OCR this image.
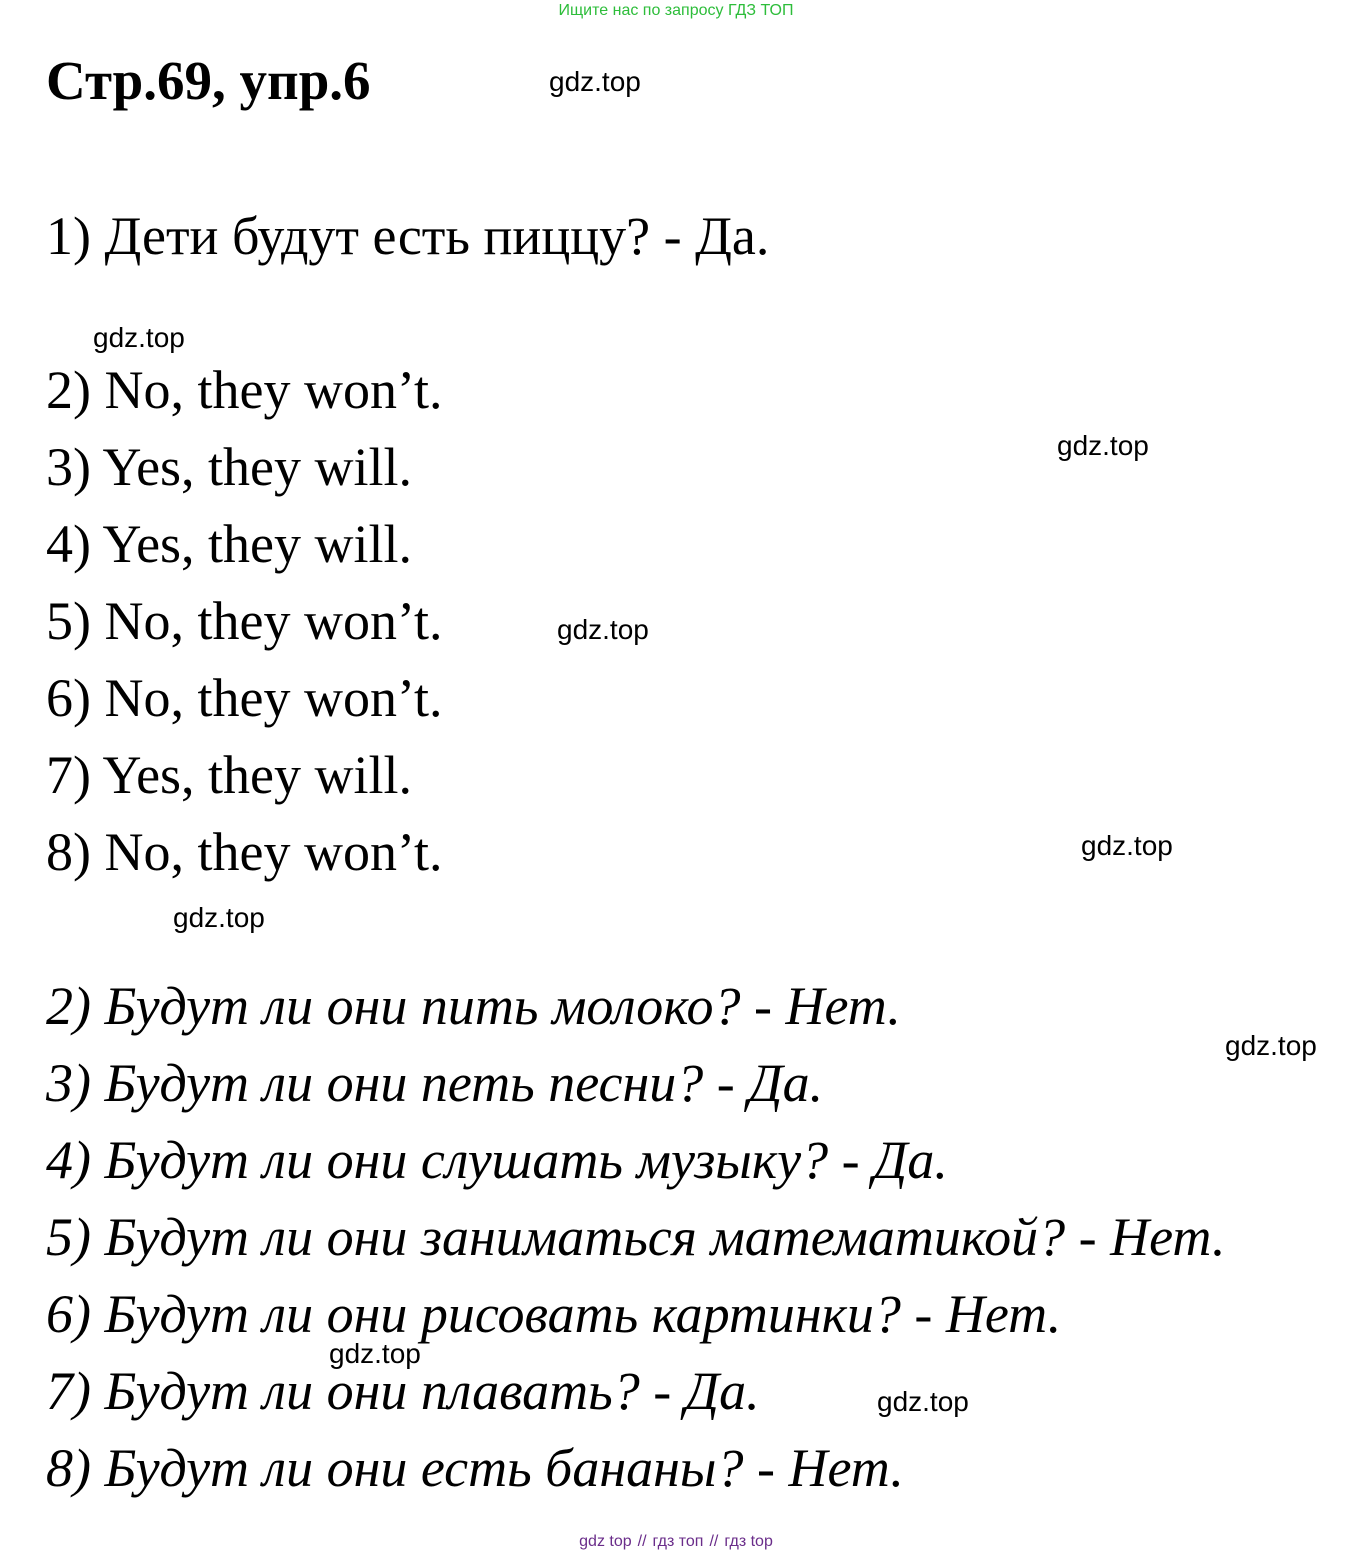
Ищите нас по запросу ГДЗ ТОП
Стр.69, упр.6
1) Дети будут есть пиццу? - Да.
2) No, they won’t.
3) Yes, they will.
4) Yes, they will.
5) No, they won’t.
6) No, they won’t.
7) Yes, they will.
8) No, they won’t.
2) Будут ли они пить молоко? - Нет.
3) Будут ли они петь песни? - Да.
4) Будут ли они слушать музыку? - Да.
5) Будут ли они заниматься математикой? - Нет.
6) Будут ли они рисовать картинки? - Нет.
7) Будут ли они плавать? - Да.
8) Будут ли они есть бананы? - Нет.
gdz.top
gdz.top
gdz.top
gdz.top
gdz.top
gdz.top
gdz.top
gdz.top
gdz.top
gdz top // гдз топ // гдз top
